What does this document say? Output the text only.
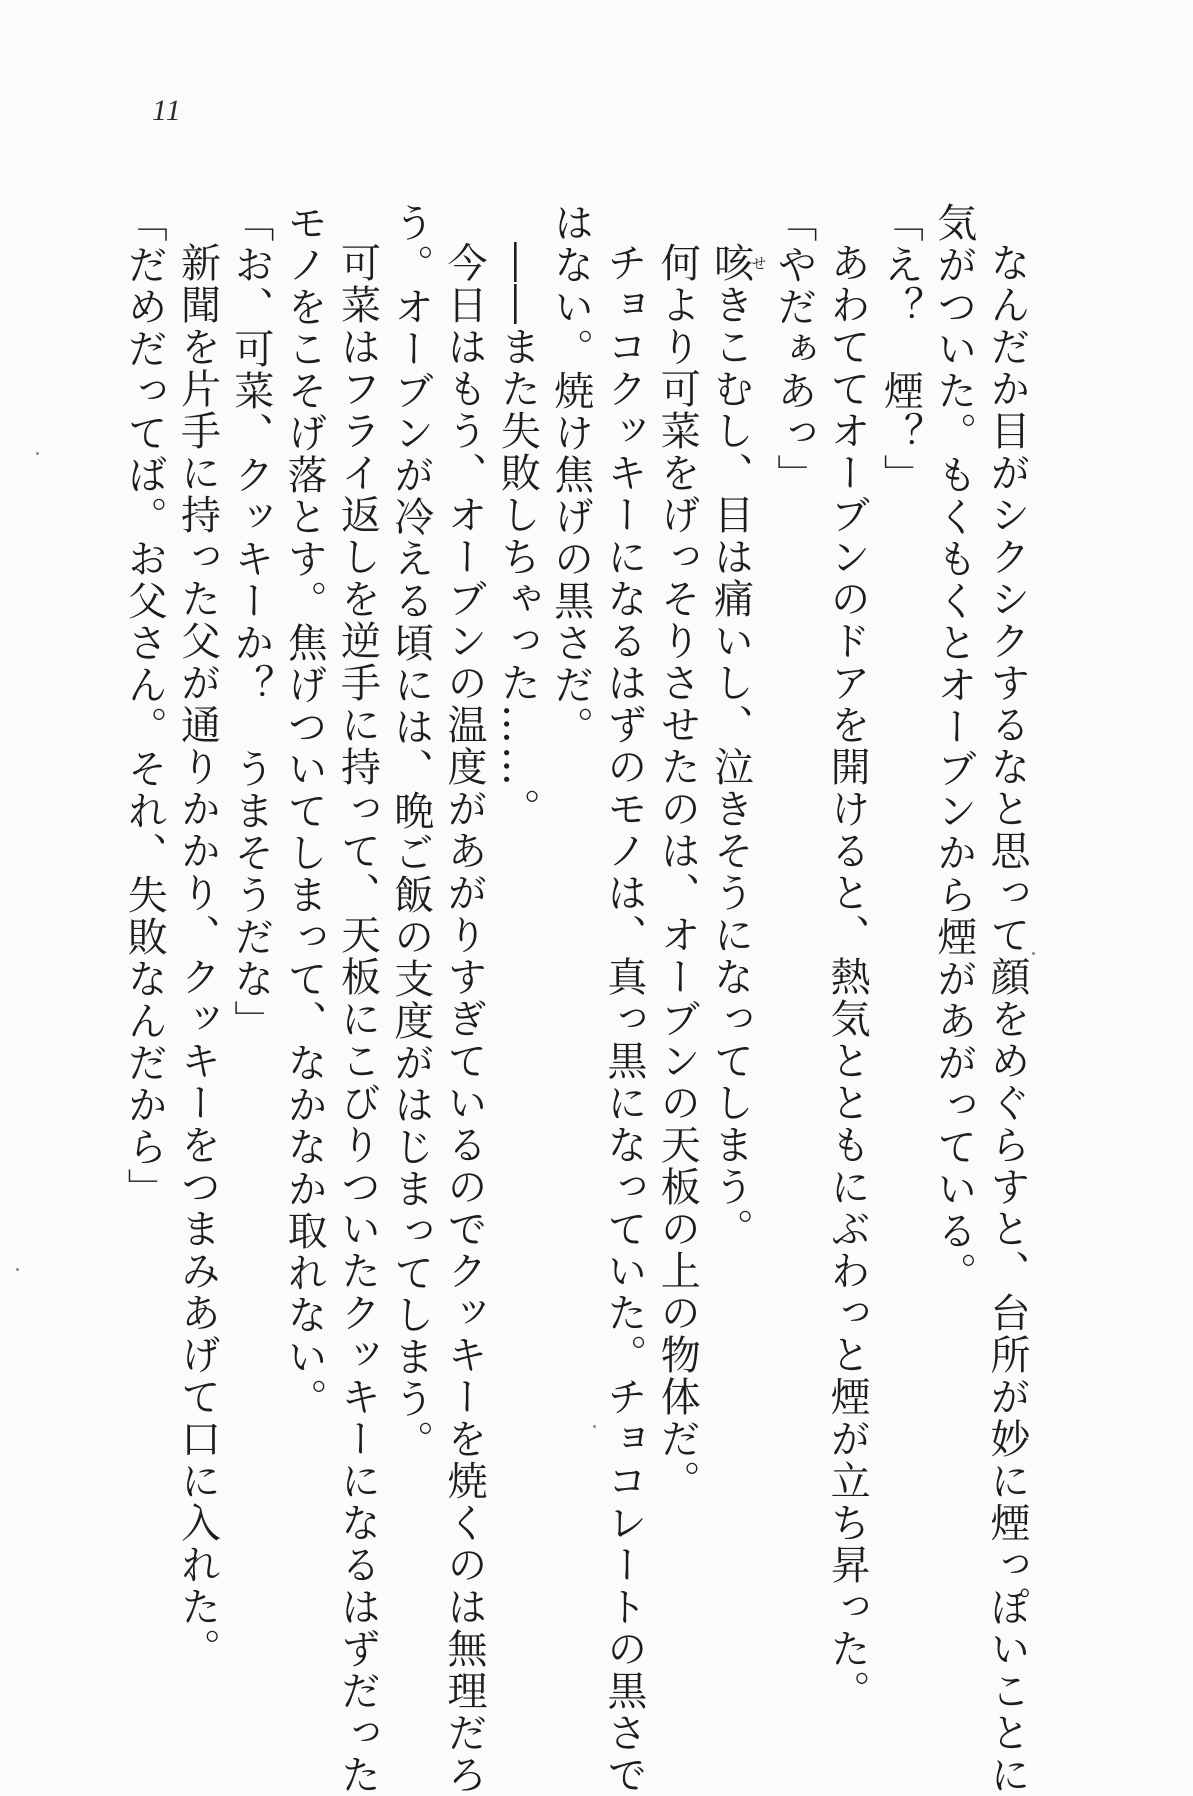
11
なんだか目がシクシクするなと思って顔をめぐらすと、台所が妙に煙っぽいことに
気がついた。もくもくとオーブンから煙があがっている。
「え？　煙？」
あわててオーブンのドアを開けると、熱気とともにぶわっと煙が立ち昇った。
「やだぁあっ」
咳せきこむし、目は痛いし、泣きそうになってしまう。
何より可菜をげっそりさせたのは、オーブンの天板の上の物体だ。
チョコクッキーになるはずのモノは、真っ黒になっていた。チョコレートの黒さで
はない。焼け焦げの黒さだ。
――また失敗しちゃった……。
今日はもう、オーブンの温度があがりすぎているのでクッキーを焼くのは無理だろ
う。オーブンが冷える頃には、晩ご飯の支度がはじまってしまう。
可菜はフライ返しを逆手に持って、天板にこびりついたクッキーになるはずだった
モノをこそげ落とす。焦げついてしまって、なかなか取れない。
「お、可菜、クッキーか？　うまそうだな」
新聞を片手に持った父が通りかかり、クッキーをつまみあげて口に入れた。
「だめだってば。お父さん。それ、失敗なんだから」
